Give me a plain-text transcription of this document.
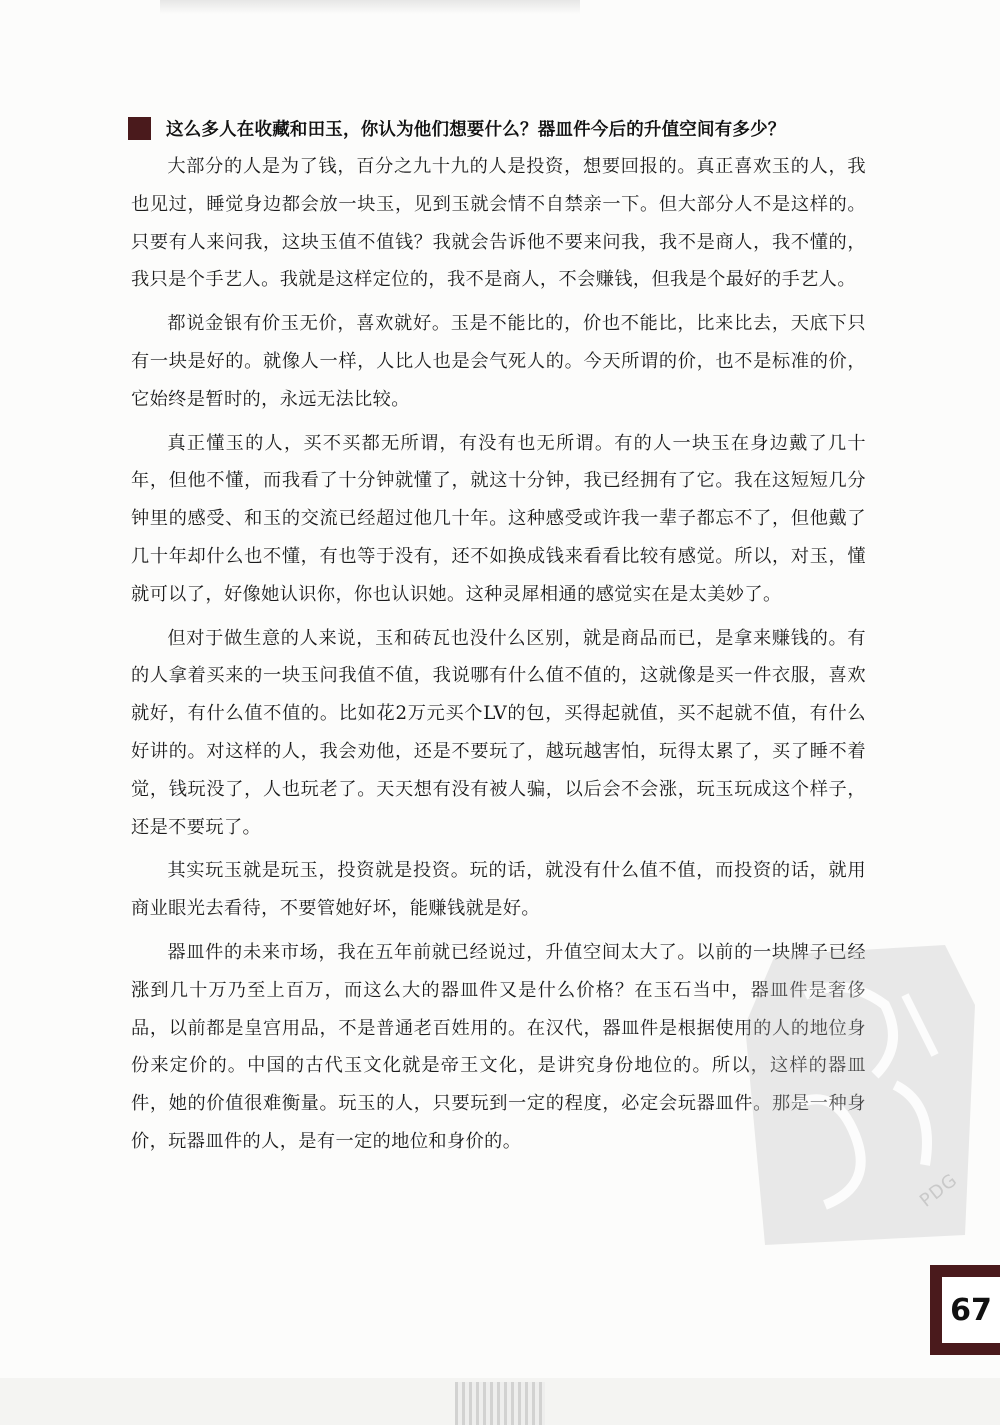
这么多人在收藏和田玉，你认为他们想要什么？器皿件今后的升值空间有多少？

大部分的人是为了钱，百分之九十九的人是投资，想要回报的。真正喜欢玉的人，我也见过，睡觉身边都会放一块玉，见到玉就会情不自禁亲一下。但大部分人不是这样的。只要有人来问我，这块玉值不值钱？我就会告诉他不要来问我，我不是商人，我不懂的，我只是个手艺人。我就是这样定位的，我不是商人，不会赚钱，但我是个最好的手艺人。

都说金银有价玉无价，喜欢就好。玉是不能比的，价也不能比，比来比去，天底下只有一块是好的。就像人一样，人比人也是会气死人的。今天所谓的价，也不是标准的价，它始终是暂时的，永远无法比较。

真正懂玉的人，买不买都无所谓，有没有也无所谓。有的人一块玉在身边戴了几十年，但他不懂，而我看了十分钟就懂了，就这十分钟，我已经拥有了它。我在这短短几分钟里的感受、和玉的交流已经超过他几十年。这种感受或许我一辈子都忘不了，但他戴了几十年却什么也不懂，有也等于没有，还不如换成钱来看看比较有感觉。所以，对玉，懂就可以了，好像她认识你，你也认识她。这种灵犀相通的感觉实在是太美妙了。

但对于做生意的人来说，玉和砖瓦也没什么区别，就是商品而已，是拿来赚钱的。有的人拿着买来的一块玉问我值不值，我说哪有什么值不值的，这就像是买一件衣服，喜欢就好，有什么值不值的。比如花2万元买个LV的包，买得起就值，买不起就不值，有什么好讲的。对这样的人，我会劝他，还是不要玩了，越玩越害怕，玩得太累了，买了睡不着觉，钱玩没了，人也玩老了。天天想有没有被人骗，以后会不会涨，玩玉玩成这个样子，还是不要玩了。

其实玩玉就是玩玉，投资就是投资。玩的话，就没有什么值不值，而投资的话，就用商业眼光去看待，不要管她好坏，能赚钱就是好。

器皿件的未来市场，我在五年前就已经说过，升值空间太大了。以前的一块牌子已经涨到几十万乃至上百万，而这么大的器皿件又是什么价格？在玉石当中，器皿件是奢侈品，以前都是皇宫用品，不是普通老百姓用的。在汉代，器皿件是根据使用的人的地位身份来定价的。中国的古代玉文化就是帝王文化，是讲究身份地位的。所以，这样的器皿件，她的价值很难衡量。玩玉的人，只要玩到一定的程度，必定会玩器皿件。那是一种身价，玩器皿件的人，是有一定的地位和身价的。

PDG
67
